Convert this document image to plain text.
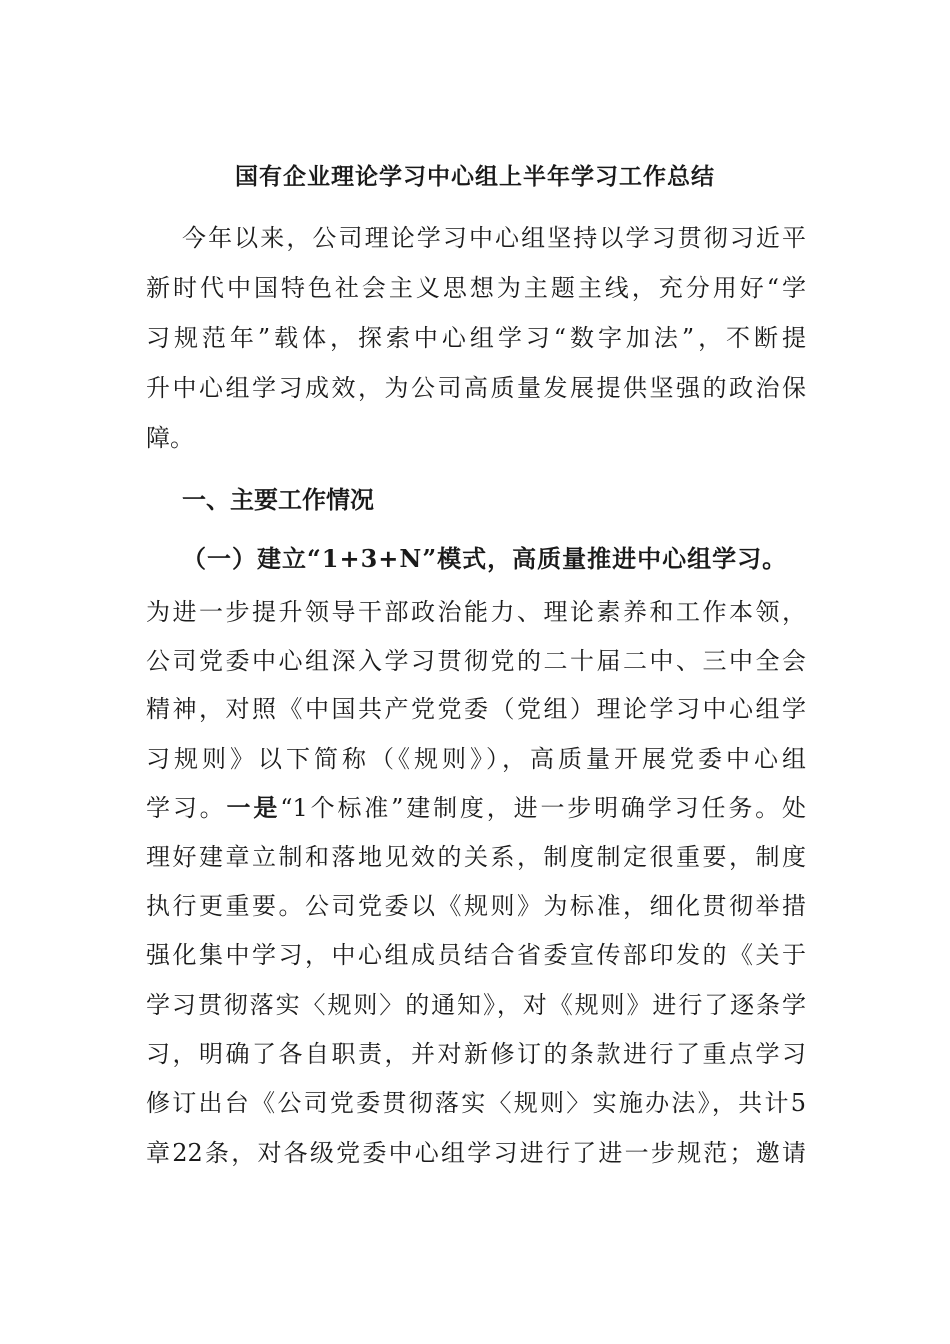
国有企业理论学习中心组上半年学习工作总结
今年以来，公司理论学习中心组坚持以学习贯彻习近平
新时代中国特色社会主义思想为主题主线，充分用好“学
习规范年”载体，探索中心组学习“数字加法”，不断提
升中心组学习成效，为公司高质量发展提供坚强的政治保
障。
一、主要工作情况
（一）建立“1+3+N”模式，高质量推进中心组学习。
为进一步提升领导干部政治能力、理论素养和工作本领，
公司党委中心组深入学习贯彻党的二十届二中、三中全会
精神，对照《中国共产党党委（党组）理论学习中心组学
习规则》以下简称（《规则》），高质量开展党委中心组
学习。一是“1个标准”建制度，进一步明确学习任务。处
理好建章立制和落地见效的关系，制度制定很重要，制度
执行更重要。公司党委以《规则》为标准，细化贯彻举措
强化集中学习，中心组成员结合省委宣传部印发的《关于
学习贯彻落实〈规则〉的通知》，对《规则》进行了逐条学
习，明确了各自职责，并对新修订的条款进行了重点学习
修订出台《公司党委贯彻落实〈规则〉实施办法》，共计5
章22条，对各级党委中心组学习进行了进一步规范；邀请
